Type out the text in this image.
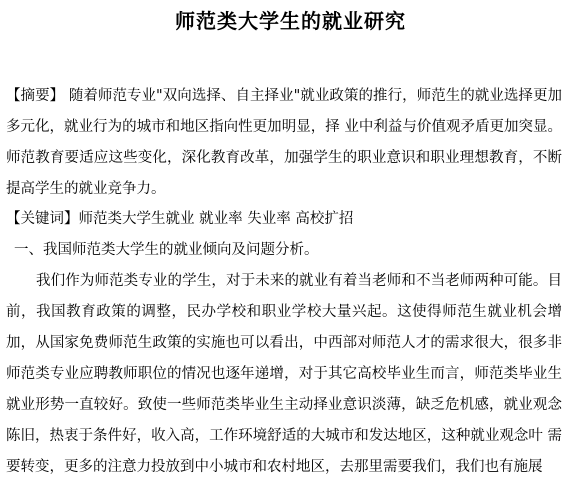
师范类大学生的就业研究

【摘要】 随着师范专业"双向选择、自主择业"就业政策的推行，师范生的就业选择更加多元化，就业行为的城市和地区指向性更加明显，择 业中利益与价值观矛盾更加突显。师范教育要适应这些变化，深化教育改革，加强学生的职业意识和职业理想教育，不断提高学生的就业竞争力。

【关键词】师范类大学生就业 就业率 失业率 高校扩招

一、我国师范类大学生的就业倾向及问题分析。

我们作为师范类专业的学生，对于未来的就业有着当老师和不当老师两种可能。目前，我国教育政策的调整，民办学校和职业学校大量兴起。这使得师范生就业机会增加，从国家免费师范生政策的实施也可以看出，中西部对师范人才的需求很大，很多非师范类专业应聘教师职位的情况也逐年递增，对于其它高校毕业生而言，师范类毕业生就业形势一直较好。致使一些师范类毕业生主动择业意识淡薄，缺乏危机感，就业观念陈旧，热衷于条件好，收入高，工作环境舒适的大城市和发达地区，这种就业观念叶 需要转变，更多的注意力投放到中小城市和农村地区，去那里需要我们，我们也有施展
